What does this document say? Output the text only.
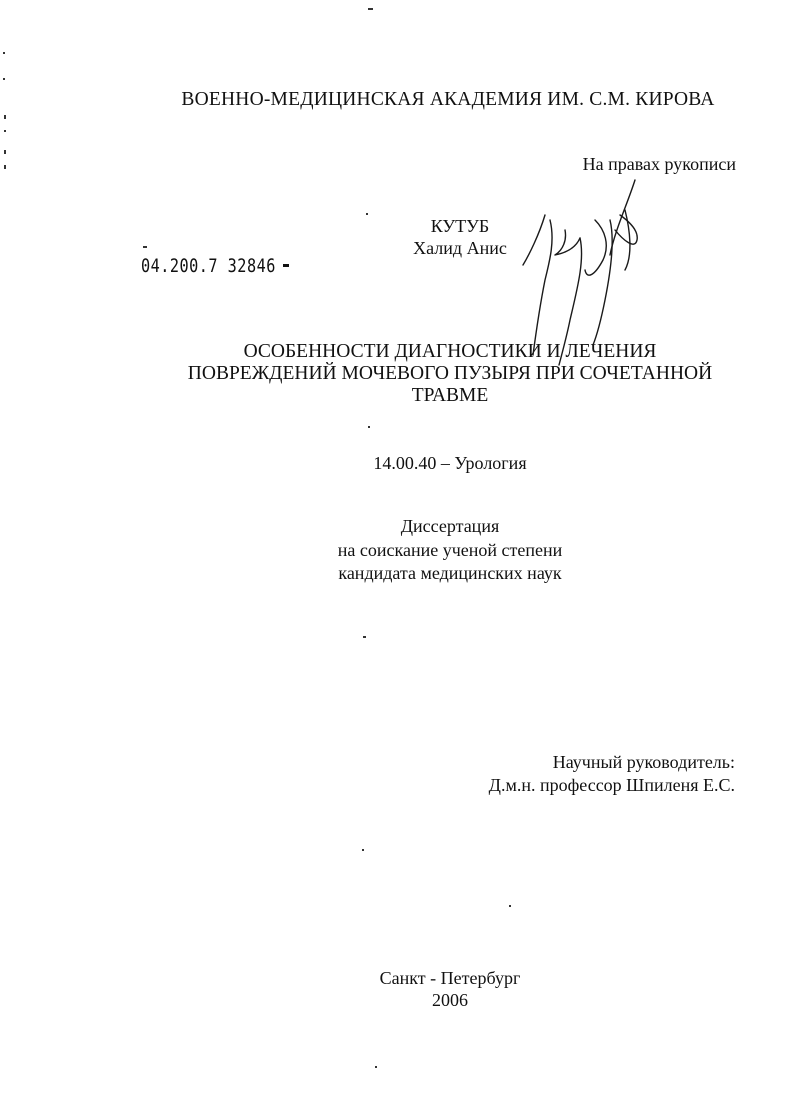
ВОЕННО-МЕДИЦИНСКАЯ АКАДЕМИЯ ИМ. С.М. КИРОВА
На правах рукописи
КУТУБ
Халид Анис
04.200.7 32846
ОСОБЕННОСТИ ДИАГНОСТИКИ И ЛЕЧЕНИЯ
ПОВРЕЖДЕНИЙ МОЧЕВОГО ПУЗЫРЯ ПРИ СОЧЕТАННОЙ
ТРАВМЕ
14.00.40 – Урология
Диссертация
на соискание ученой степени
кандидата медицинских наук
Научный руководитель:
Д.м.н. профессор Шпиленя Е.С.
Санкт - Петербург
2006
